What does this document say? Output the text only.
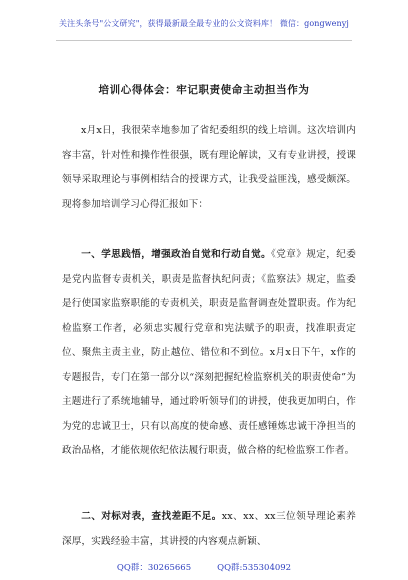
关注头条号"公文研究"，获得最新最全最专业的公文资料库！ 微信：gongwenyj
培训心得体会：牢记职责使命主动担当作为
x月x日，我很荣幸地参加了省纪委组织的线上培训。这次培训内容丰富，针对性和操作性很强，既有理论解读，又有专业讲授，授课领导采取理论与事例相结合的授课方式，让我受益匪浅，感受颇深。现将参加培训学习心得汇报如下：
一、学思践悟，增强政治自觉和行动自觉。《党章》规定，纪委是党内监督专责机关，职责是监督执纪问责；《监察法》规定，监委是行使国家监察职能的专责机关，职责是监督调查处置职责。作为纪检监察工作者，必须忠实履行党章和宪法赋予的职责，找准职责定位、聚焦主责主业，防止越位、错位和不到位。x月x日下午，x作的专题报告，专门在第一部分以“深刻把握纪检监察机关的职责使命”为主题进行了系统地辅导，通过聆听领导们的讲授，使我更加明白，作为党的忠诚卫士，只有以高度的使命感、责任感锤炼忠诚干净担当的政治品格，才能依规依纪依法履行职责，做合格的纪检监察工作者。
二、对标对表，查找差距不足。xx、xx、xx三位领导理论素养深厚，实践经验丰富，其讲授的内容观点新颖、
QQ群：30265665	QQ群:535304092
